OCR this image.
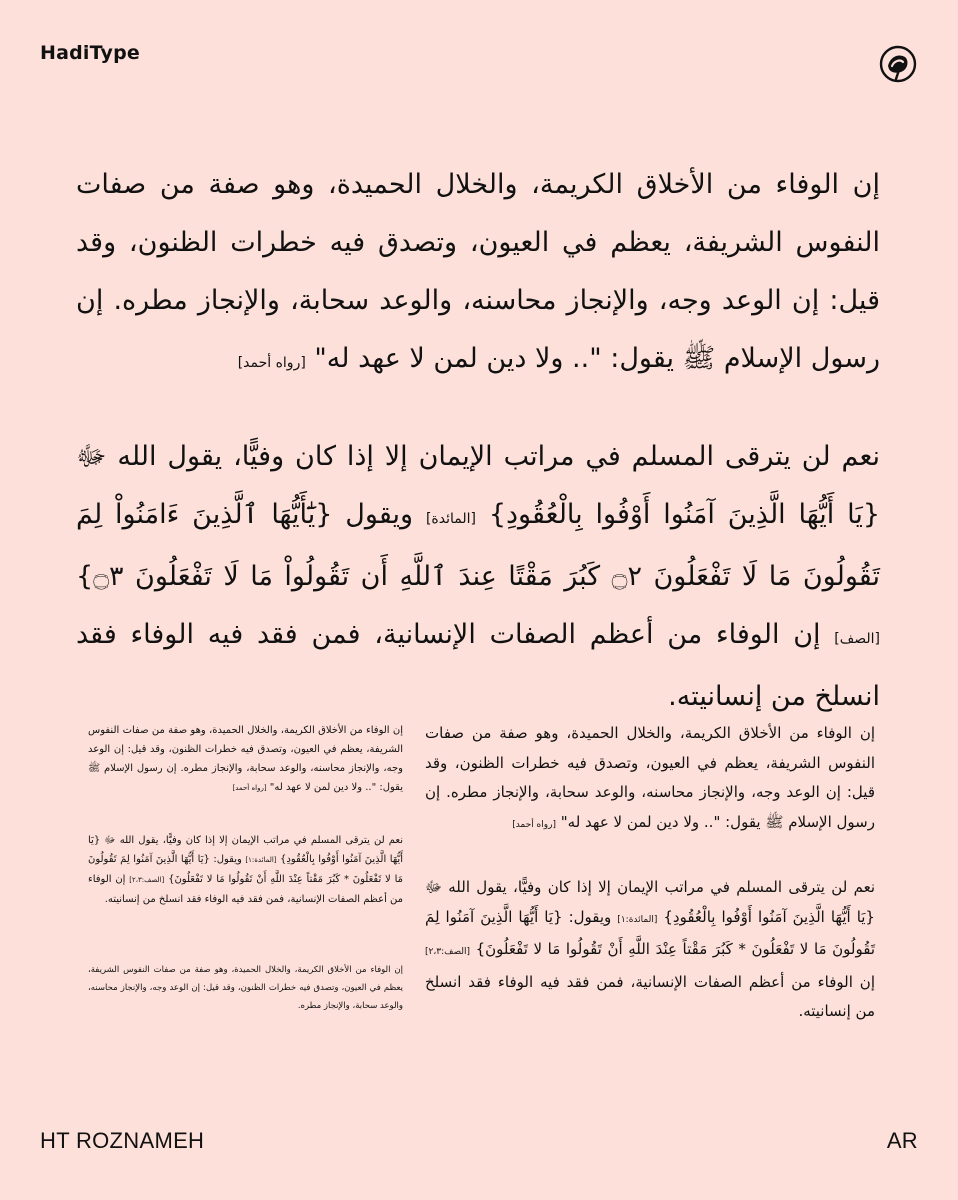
HadiType

إن الوفاء من الأخلاق الكريمة، والخلال الحميدة، وهو صفة من صفات النفوس الشريفة، يعظم في العيون، وتصدق فيه خطرات الظنون، وقد قيل: إن الوعد وجه، والإنجاز محاسنه، والوعد سحابة، والإنجاز مطره. إن رسول الإسلام ﷺ يقول: ".. ولا دين لمن لا عهد له" [رواه أحمد]

نعم لن يترقى المسلم في مراتب الإيمان إلا إذا كان وفيًّا، يقول الله ﷻ {يَا أَيُّهَا الَّذِينَ آمَنُوا أَوْفُوا بِالْعُقُودِ} [المائدة] ويقول {يَٰٓأَيُّهَا ٱلَّذِينَ ءَامَنُواْ لِمَ تَقُولُونَ مَا لَا تَفْعَلُونَ ۝٢ كَبُرَ مَقْتًا عِندَ ٱللَّهِ أَن تَقُولُواْ مَا لَا تَفْعَلُونَ ۝٣} [الصف] إن الوفاء من أعظم الصفات الإنسانية، فمن فقد فيه الوفاء فقد انسلخ من إنسانيته.

إن الوفاء من الأخلاق الكريمة، والخلال الحميدة، وهو صفة من صفات النفوس الشريفة، يعظم في العيون، وتصدق فيه خطرات الظنون، وقد قيل: إن الوعد وجه، والإنجاز محاسنه، والوعد سحابة، والإنجاز مطره. إن رسول الإسلام ﷺ يقول: ".. ولا دين لمن لا عهد له" [رواه أحمد]

نعم لن يترقى المسلم في مراتب الإيمان إلا إذا كان وفيًّا، يقول الله ﷻ {يَا أَيُّهَا الَّذِينَ آمَنُوا أَوْفُوا بِالْعُقُودِ} [المائدة:١] ويقول: {يَا أَيُّهَا الَّذِينَ آمَنُوا لِمَ تَقُولُونَ مَا لا تَفْعَلُونَ * كَبُرَ مَقْتاً عِنْدَ اللَّهِ أَنْ تَقُولُوا مَا لا تَفْعَلُونَ} [الصف:٢،٣] إن الوفاء من أعظم الصفات الإنسانية، فمن فقد فيه الوفاء فقد انسلخ من إنسانيته.

إن الوفاء من الأخلاق الكريمة، والخلال الحميدة، وهو صفة من صفات النفوس الشريفة، يعظم في العيون، وتصدق فيه خطرات الظنون، وقد قيل: إن الوعد وجه، والإنجاز محاسنه، والوعد سحابة، والإنجاز مطره. إن رسول الإسلام ﷺ يقول: ".. ولا دين لمن لا عهد له" [رواه أحمد]

نعم لن يترقى المسلم في مراتب الإيمان إلا إذا كان وفيًّا، يقول الله ﷻ {يَا أَيُّهَا الَّذِينَ آمَنُوا أَوْفُوا بِالْعُقُودِ} [المائدة:١] ويقول: {يَا أَيُّهَا الَّذِينَ آمَنُوا لِمَ تَقُولُونَ مَا لا تَفْعَلُونَ * كَبُرَ مَقْتاً عِنْدَ اللَّهِ أَنْ تَقُولُوا مَا لا تَفْعَلُونَ} [الصف:٢،٣] إن الوفاء من أعظم الصفات الإنسانية، فمن فقد فيه الوفاء فقد انسلخ من إنسانيته.

إن الوفاء من الأخلاق الكريمة، والخلال الحميدة، وهو صفة من صفات النفوس الشريفة، يعظم في العيون، وتصدق فيه خطرات الظنون، وقد قيل: إن الوعد وجه، والإنجاز محاسنه، والوعد سحابة، والإنجاز مطره.

HT ROZNAMEH	AR
